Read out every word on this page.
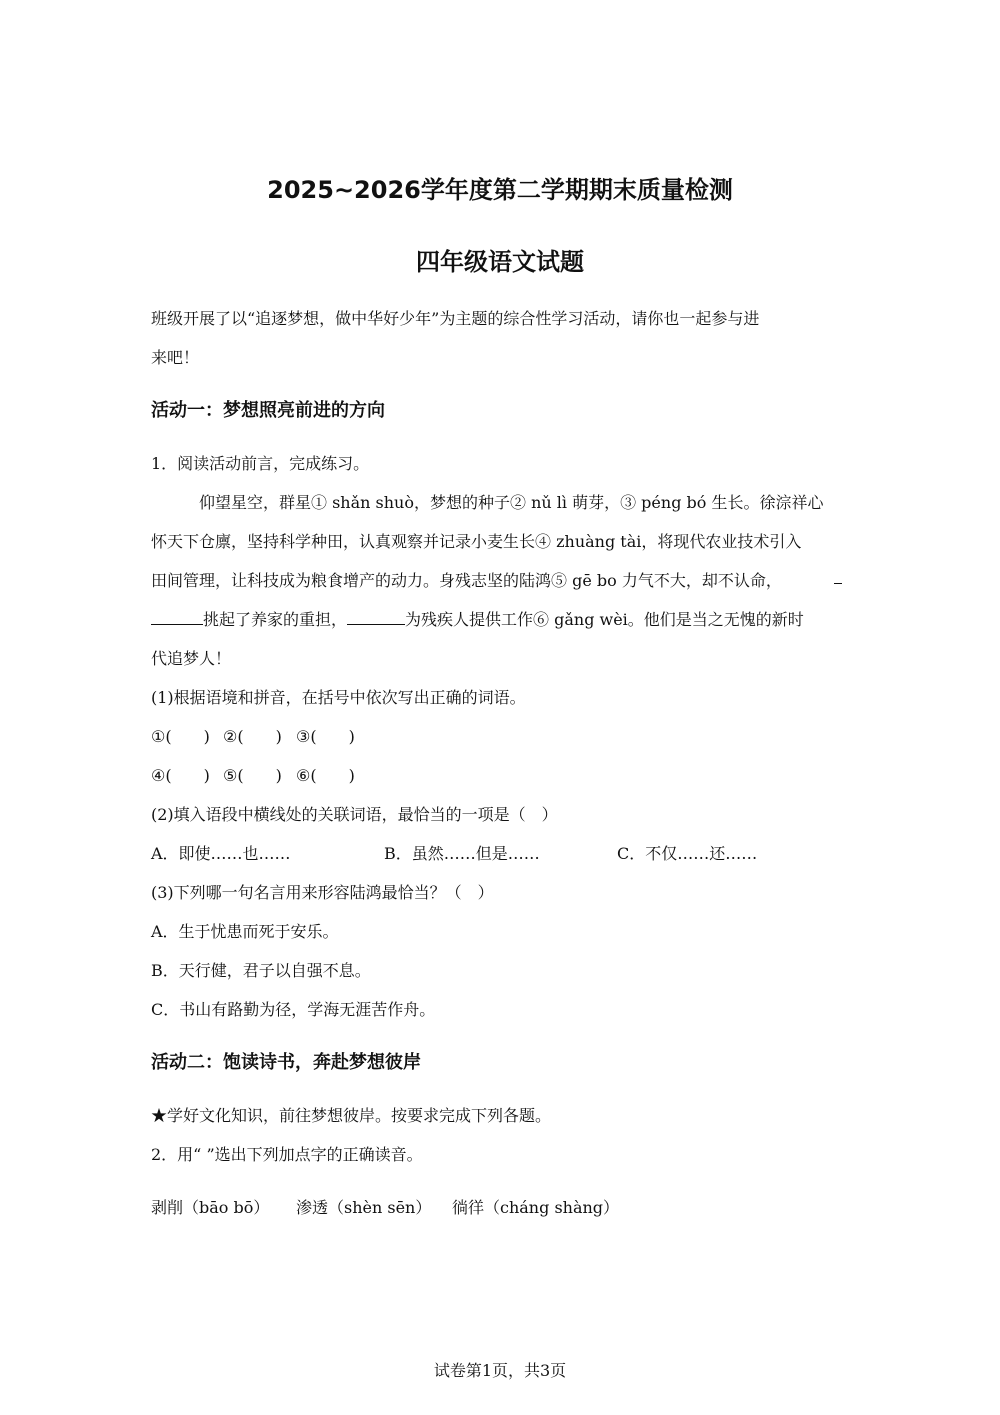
2025~2026学年度第二学期期末质量检测
四年级语文试题
班级开展了以“追逐梦想，做中华好少年”为主题的综合性学习活动，请你也一起参与进
来吧！
活动一：梦想照亮前进的方向
1．阅读活动前言，完成练习。
仰望星空，群星① shǎn shuò，梦想的种子② nǔ lì 萌芽，③ péng bó 生长。徐淙祥心
怀天下仓廪，坚持科学种田，认真观察并记录小麦生长④ zhuàng tài，将现代农业技术引入
田间管理，让科技成为粮食增产的动力。身残志坚的陆鸿⑤ gē bo 力气不大，却不认命，
挑起了养家的重担，	为残疾人提供工作⑥ gǎng wèi。他们是当之无愧的新时
代追梦人！
(1)根据语境和拼音，在括号中依次写出正确的词语。
①(　　) ②(　　) ③(　　)
④(　　) ⑤(　　) ⑥(　　)
(2)填入语段中横线处的关联词语，最恰当的一项是（　）
A．即使……也……	B．虽然……但是……	C．不仅……还……
(3)下列哪一句名言用来形容陆鸿最恰当？（　）
A．生于忧患而死于安乐。
B．天行健，君子以自强不息。
C．书山有路勤为径，学海无涯苦作舟。
活动二：饱读诗书，奔赴梦想彼岸
★学好文化知识，前往梦想彼岸。按要求完成下列各题。
2．用“ ”选出下列加点字的正确读音。
剥削（bāo bō） 渗透（shèn sēn） 徜徉（cháng shàng）
试卷第1页，共3页
